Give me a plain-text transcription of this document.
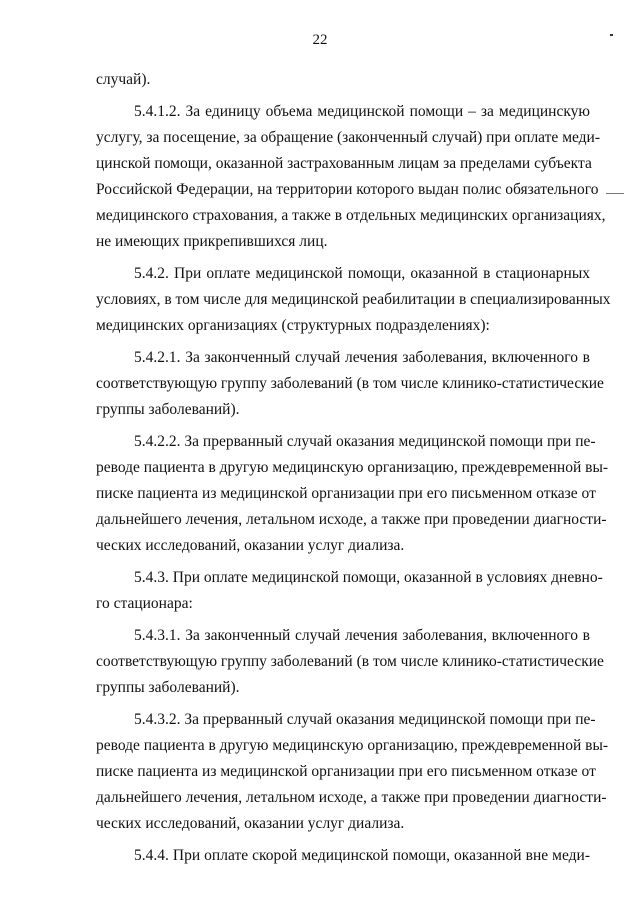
22
случай).
5.4.1.2. За единицу объема медицинской помощи – за медицинскую
услугу, за посещение, за обращение (законченный случай) при оплате меди-
цинской помощи, оказанной застрахованным лицам за пределами субъекта
Российской Федерации, на территории которого выдан полис обязательного
медицинского страхования, а также в отдельных медицинских организациях,
не имеющих прикрепившихся лиц.
5.4.2. При оплате медицинской помощи, оказанной в стационарных
условиях, в том числе для медицинской реабилитации в специализированных
медицинских организациях (структурных подразделениях):
5.4.2.1. За законченный случай лечения заболевания, включенного в
соответствующую группу заболеваний (в том числе клинико-статистические
группы заболеваний).
5.4.2.2. За прерванный случай оказания медицинской помощи при пе-
реводе пациента в другую медицинскую организацию, преждевременной вы-
писке пациента из медицинской организации при его письменном отказе от
дальнейшего лечения, летальном исходе, а также при проведении диагности-
ческих исследований, оказании услуг диализа.
5.4.3. При оплате медицинской помощи, оказанной в условиях дневно-
го стационара:
5.4.3.1. За законченный случай лечения заболевания, включенного в
соответствующую группу заболеваний (в том числе клинико-статистические
группы заболеваний).
5.4.3.2. За прерванный случай оказания медицинской помощи при пе-
реводе пациента в другую медицинскую организацию, преждевременной вы-
писке пациента из медицинской организации при его письменном отказе от
дальнейшего лечения, летальном исходе, а также при проведении диагности-
ческих исследований, оказании услуг диализа.
5.4.4. При оплате скорой медицинской помощи, оказанной вне меди-
